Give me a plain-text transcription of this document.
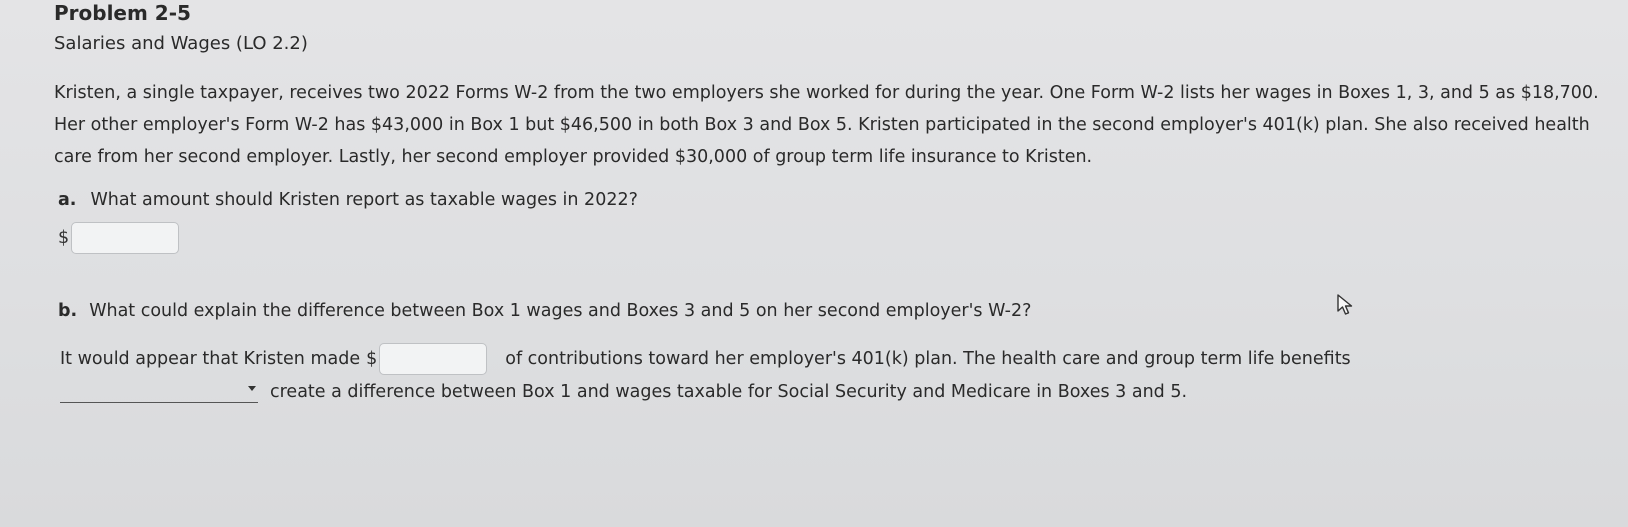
Problem 2-5
Salaries and Wages (LO 2.2)
Kristen, a single taxpayer, receives two 2022 Forms W-2 from the two employers she worked for during the year. One Form W-2 lists her wages in Boxes 1, 3, and 5 as $18,700. Her other employer's Form W-2 has $43,000 in Box 1 but $46,500 in both Box 3 and Box 5. Kristen participated in the second employer's 401(k) plan. She also received health care from her second employer. Lastly, her second employer provided $30,000 of group term life insurance to Kristen.
a. What amount should Kristen report as taxable wages in 2022?
$
b. What could explain the difference between Box 1 wages and Boxes 3 and 5 on her second employer's W-2?
It would appear that Kristen made $	of contributions toward her employer's 401(k) plan. The health care and group term life benefits
create a difference between Box 1 and wages taxable for Social Security and Medicare in Boxes 3 and 5.
